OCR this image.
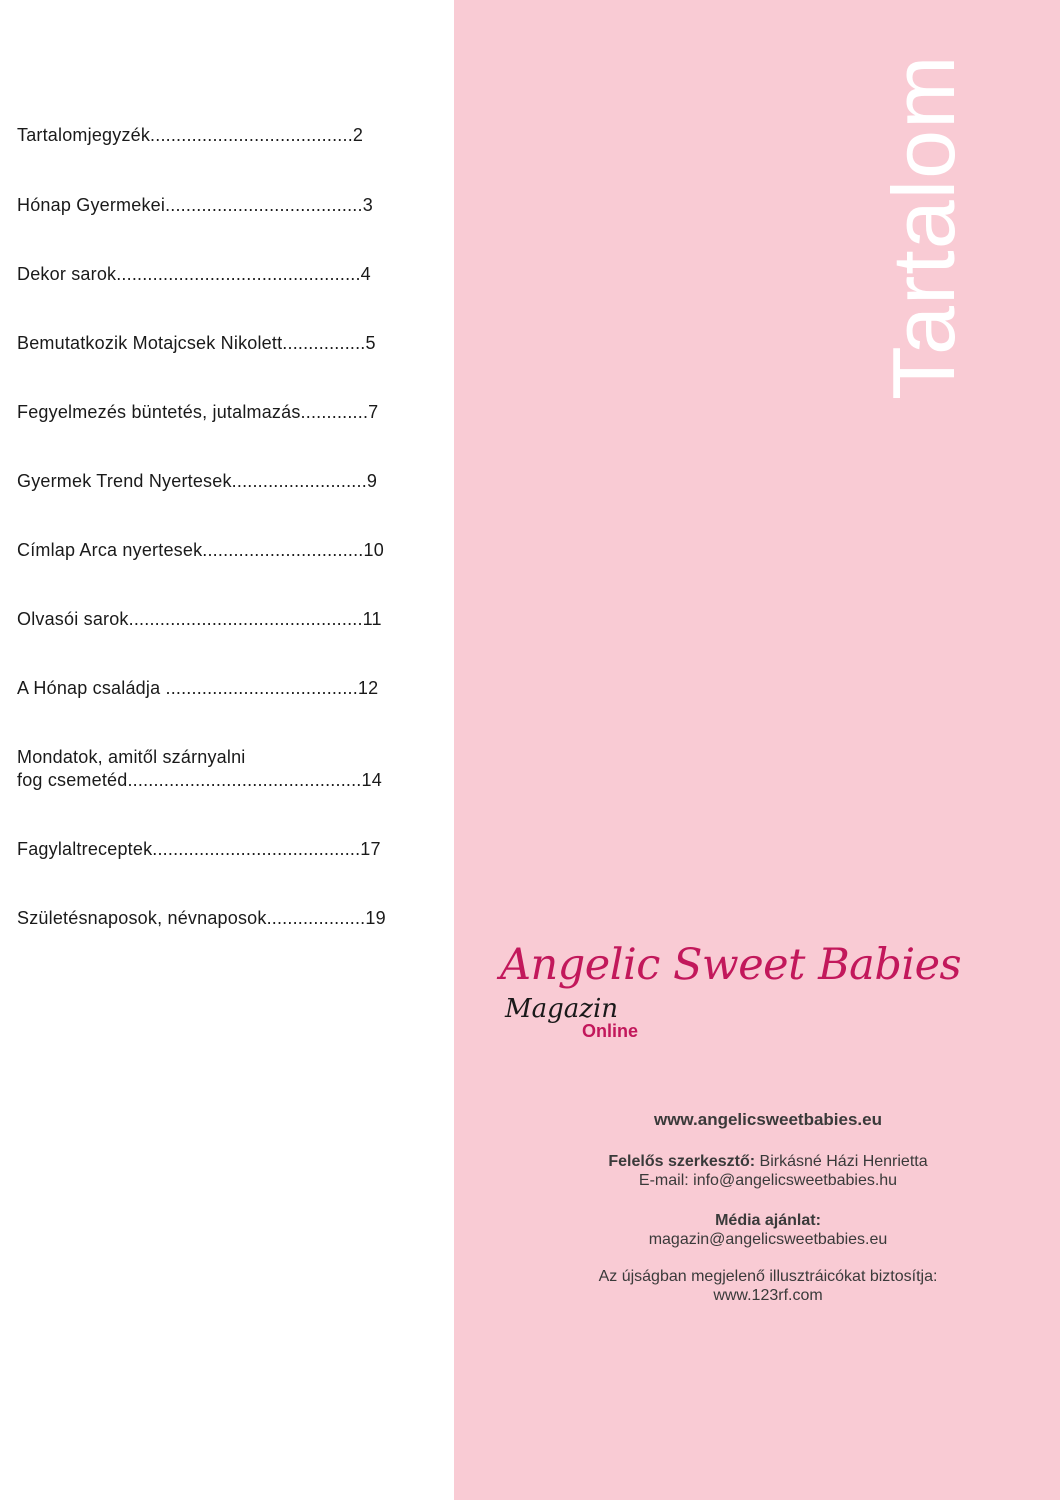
Tartalomjegyzék.......................................2
Hónap Gyermekei......................................3
Dekor sarok...............................................4
Bemutatkozik Motajcsek Nikolett................5
Fegyelmezés büntetés, jutalmazás.............7
Gyermek Trend Nyertesek..........................9
Címlap Arca nyertesek...............................10
Olvasói sarok.............................................11
A Hónap családja .....................................12
Mondatok, amitől szárnyalni
fog csemetéd.............................................14
Fagylaltreceptek........................................17
Születésnaposok, névnaposok...................19
Tartalom
Angelic Sweet Babies
Magazin
Online
www.angelicsweetbabies.eu
Felelős szerkesztő: Birkásné Házi Henrietta
E-mail: info@angelicsweetbabies.hu
Média ajánlat:
magazin@angelicsweetbabies.eu
Az újságban megjelenő illusztráicókat biztosítja:
www.123rf.com
